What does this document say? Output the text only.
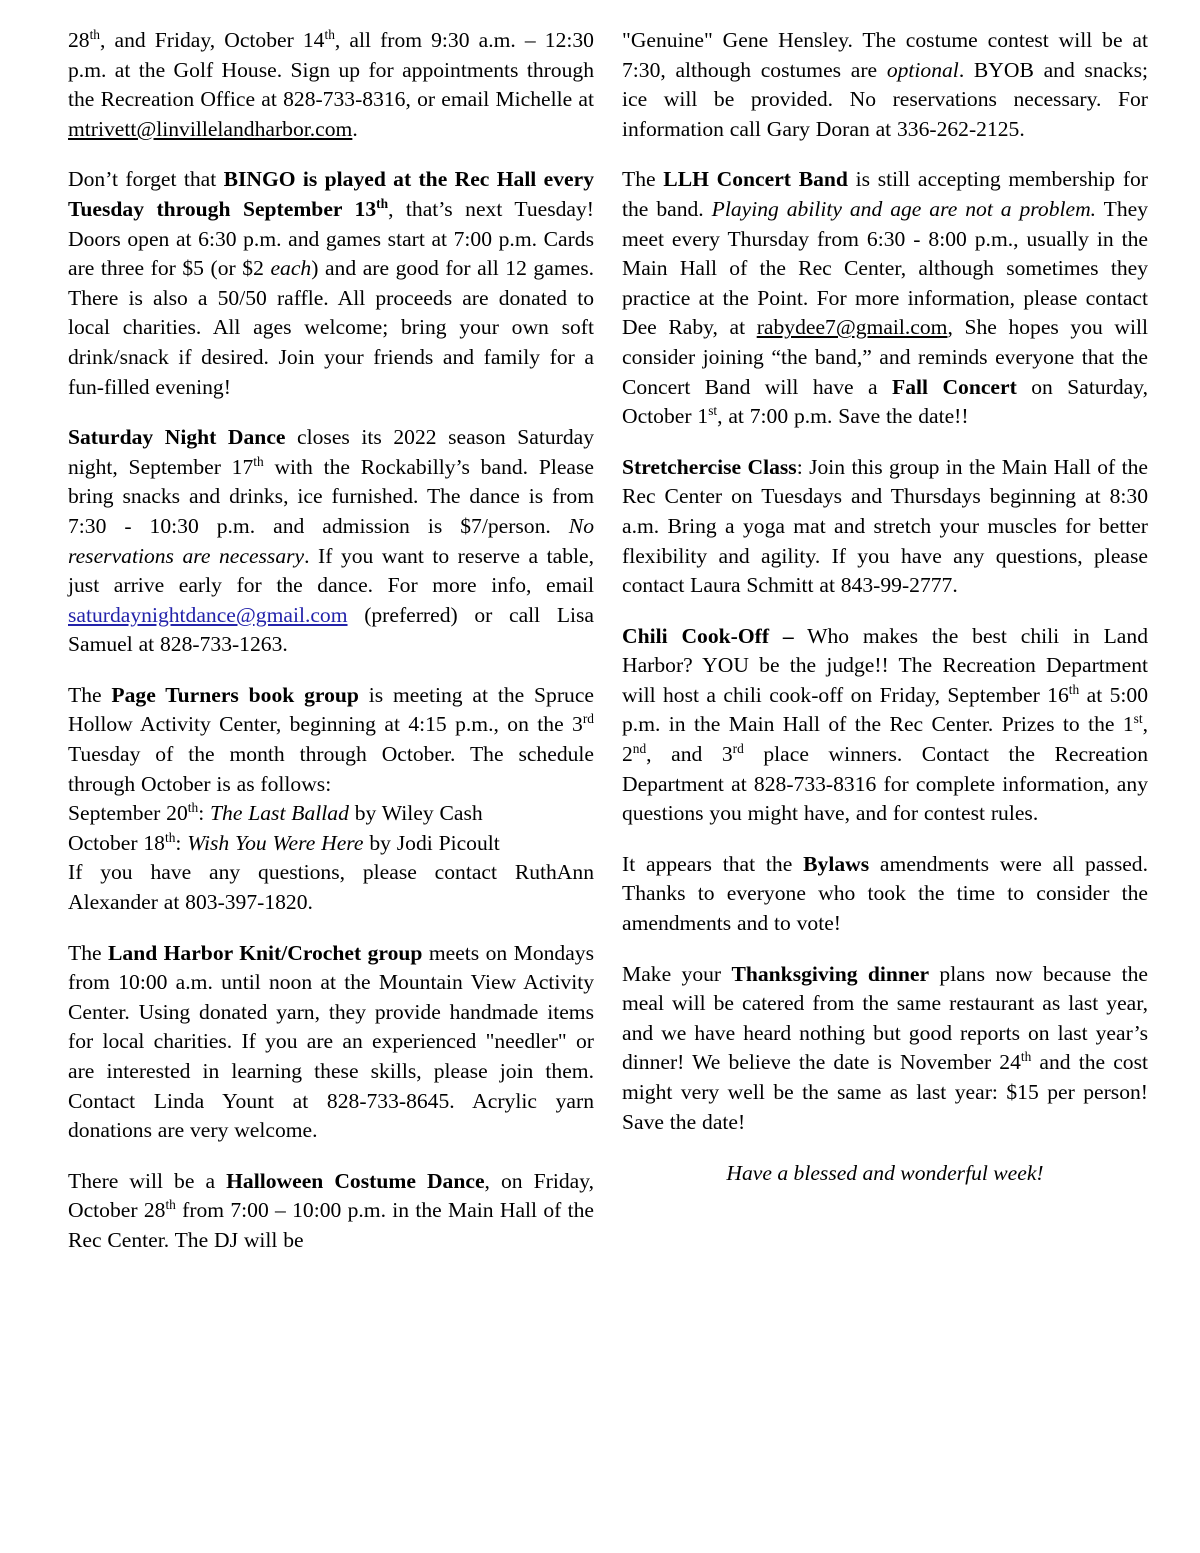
28th, and Friday, October 14th, all from 9:30 a.m. – 12:30 p.m. at the Golf House. Sign up for appointments through the Recreation Office at 828-733-8316, or email Michelle at mtrivett@linvillelandharbor.com.

Don’t forget that BINGO is played at the Rec Hall every Tuesday through September 13th, that’s next Tuesday! Doors open at 6:30 p.m. and games start at 7:00 p.m. Cards are three for $5 (or $2 each) and are good for all 12 games. There is also a 50/50 raffle. All proceeds are donated to local charities. All ages welcome; bring your own soft drink/snack if desired. Join your friends and family for a fun-filled evening!

Saturday Night Dance closes its 2022 season Saturday night, September 17th with the Rockabilly’s band. Please bring snacks and drinks, ice furnished. The dance is from 7:30 - 10:30 p.m. and admission is $7/person. No reservations are necessary. If you want to reserve a table, just arrive early for the dance. For more info, email saturdaynightdance@gmail.com (preferred) or call Lisa Samuel at 828-733-1263.

The Page Turners book group is meeting at the Spruce Hollow Activity Center, beginning at 4:15 p.m., on the 3rd Tuesday of the month through October. The schedule through October is as follows:

September 20th: The Last Ballad by Wiley Cash

October 18th: Wish You Were Here by Jodi Picoult

If you have any questions, please contact RuthAnn Alexander at 803-397-1820.

The Land Harbor Knit/Crochet group meets on Mondays from 10:00 a.m. until noon at the Mountain View Activity Center. Using donated yarn, they provide handmade items for local charities. If you are an experienced "needler" or are interested in learning these skills, please join them. Contact Linda Yount at 828-733-8645. Acrylic yarn donations are very welcome.

There will be a Halloween Costume Dance, on Friday, October 28th from 7:00 – 10:00 p.m. in the Main Hall of the Rec Center. The DJ will be

"Genuine" Gene Hensley. The costume contest will be at 7:30, although costumes are optional. BYOB and snacks; ice will be provided. No reservations necessary. For information call Gary Doran at 336-262-2125.

The LLH Concert Band is still accepting membership for the band. Playing ability and age are not a problem. They meet every Thursday from 6:30 - 8:00 p.m., usually in the Main Hall of the Rec Center, although sometimes they practice at the Point. For more information, please contact Dee Raby, at rabydee7@gmail.com, She hopes you will consider joining “the band,” and reminds everyone that the Concert Band will have a Fall Concert on Saturday, October 1st, at 7:00 p.m. Save the date!!

Stretchercise Class: Join this group in the Main Hall of the Rec Center on Tuesdays and Thursdays beginning at 8:30 a.m. Bring a yoga mat and stretch your muscles for better flexibility and agility. If you have any questions, please contact Laura Schmitt at 843-99-2777.

Chili Cook-Off – Who makes the best chili in Land Harbor? YOU be the judge!! The Recreation Department will host a chili cook-off on Friday, September 16th at 5:00 p.m. in the Main Hall of the Rec Center. Prizes to the 1st, 2nd, and 3rd place winners. Contact the Recreation Department at 828-733-8316 for complete information, any questions you might have, and for contest rules.

It appears that the Bylaws amendments were all passed. Thanks to everyone who took the time to consider the amendments and to vote!

Make your Thanksgiving dinner plans now because the meal will be catered from the same restaurant as last year, and we have heard nothing but good reports on last year’s dinner! We believe the date is November 24th and the cost might very well be the same as last year: $15 per person! Save the date!

Have a blessed and wonderful week!
